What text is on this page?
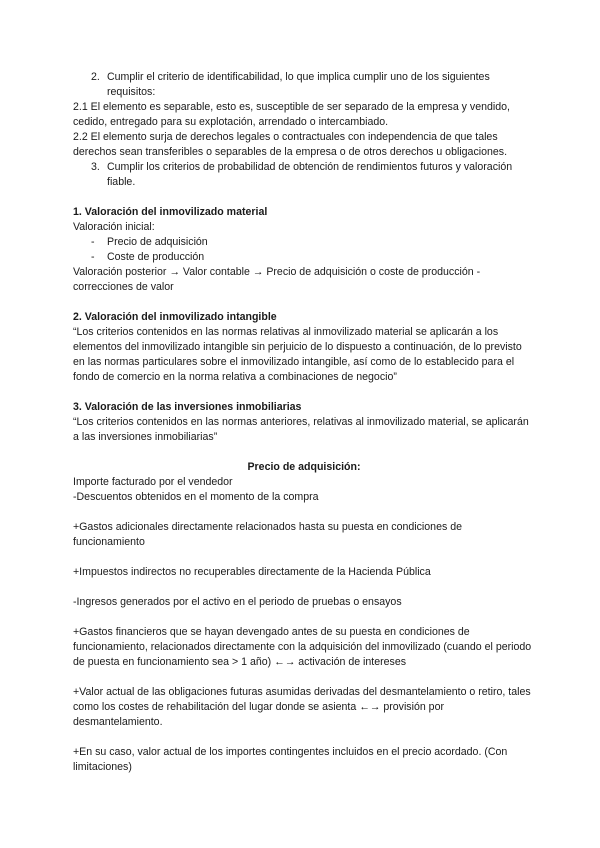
2. Cumplir el criterio de identificabilidad, lo que implica cumplir uno de los siguientes requisitos:

2.1 El elemento es separable, esto es, susceptible de ser separado de la empresa y vendido, cedido, entregado para su explotación, arrendado o intercambiado.

2.2 El elemento surja de derechos legales o contractuales con independencia de que tales derechos sean transferibles o separables de la empresa o de otros derechos u obligaciones.

3. Cumplir los criterios de probabilidad de obtención de rendimientos futuros y valoración fiable.

1. Valoración del inmovilizado material

Valoración inicial:

- Precio de adquisición

- Coste de producción

Valoración posterior → Valor contable → Precio de adquisición o coste de producción - correcciones de valor

2. Valoración del inmovilizado intangible

“Los criterios contenidos en las normas relativas al inmovilizado material se aplicarán a los elementos del inmovilizado intangible sin perjuicio de lo dispuesto a continuación, de lo previsto en las normas particulares sobre el inmovilizado intangible, así como de lo establecido para el fondo de comercio en la norma relativa a combinaciones de negocio”

3. Valoración de las inversiones inmobiliarias

“Los criterios contenidos en las normas anteriores, relativas al inmovilizado material, se aplicarán a las inversiones inmobiliarias”

Precio de adquisición:

Importe facturado por el vendedor

-Descuentos obtenidos en el momento de la compra

+Gastos adicionales directamente relacionados hasta su puesta en condiciones de funcionamiento

+Impuestos indirectos no recuperables directamente de la Hacienda Pública

-Ingresos generados por el activo en el periodo de pruebas o ensayos

+Gastos financieros que se hayan devengado antes de su puesta en condiciones de funcionamiento, relacionados directamente con la adquisición del inmovilizado (cuando el periodo de puesta en funcionamiento sea > 1 año) ←→ activación de intereses

+Valor actual de las obligaciones futuras asumidas derivadas del desmantelamiento o retiro, tales como los costes de rehabilitación del lugar donde se asienta ←→ provisión por desmantelamiento.

+En su caso, valor actual de los importes contingentes incluidos en el precio acordado. (Con limitaciones)
